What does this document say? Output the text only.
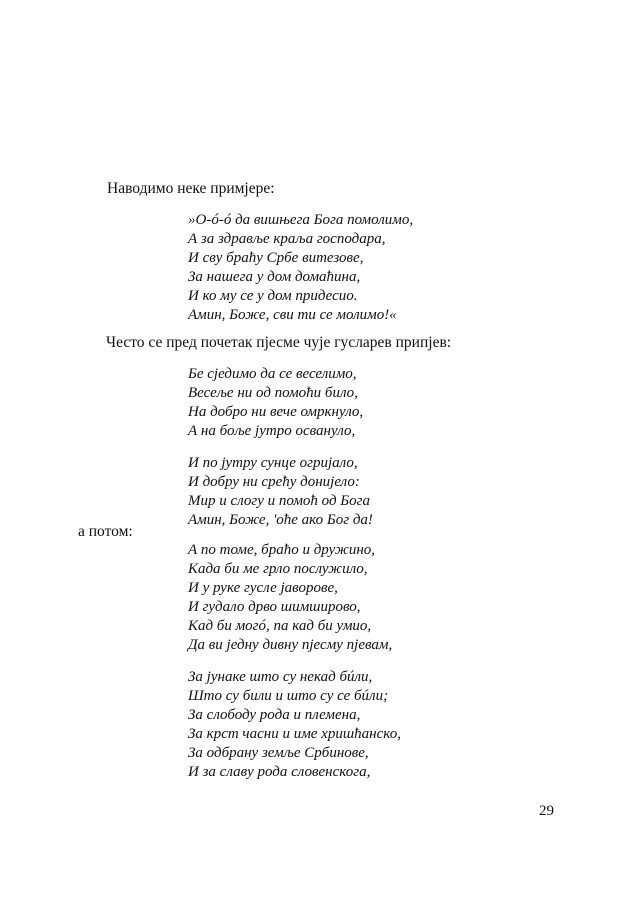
Наводимо неке примјере:
»О-ó-ó да вишњега Бога помолимо,
А за здравље краља господара,
И сву браћу Србе витезове,
За нашега у дом домаћина,
И ко му се у дом придесио.
Амин, Боже, сви ти се молимо!«
Често се пред почетак пјесме чује гусларев припјев:
Бе сједимо да се веселимо,
Весеље ни од помоћи било,
На добро ни вече омркнуло,
А на боље јутро освануло,
И по јутру сунце огријало,
И добру ни срећу донијело:
Мир и слогу и помоћ од Бога
Амин, Боже, 'оће ако Бог да!
а потом:
А по томе, браћо и дружино,
Када би ме грло послужило,
И у руке гусле јаворове,
И гудало дрво шимширово,
Кад би могó, па кад би умио,
Да ви једну дивну пјесму пјевам,
За јунаке што су некад бúли,
Што су били и што су се бúли;
За слободу рода и племена,
За крст часни и име хришћанско,
За одбрану земље Србинове,
И за славу рода словенскога,
29
